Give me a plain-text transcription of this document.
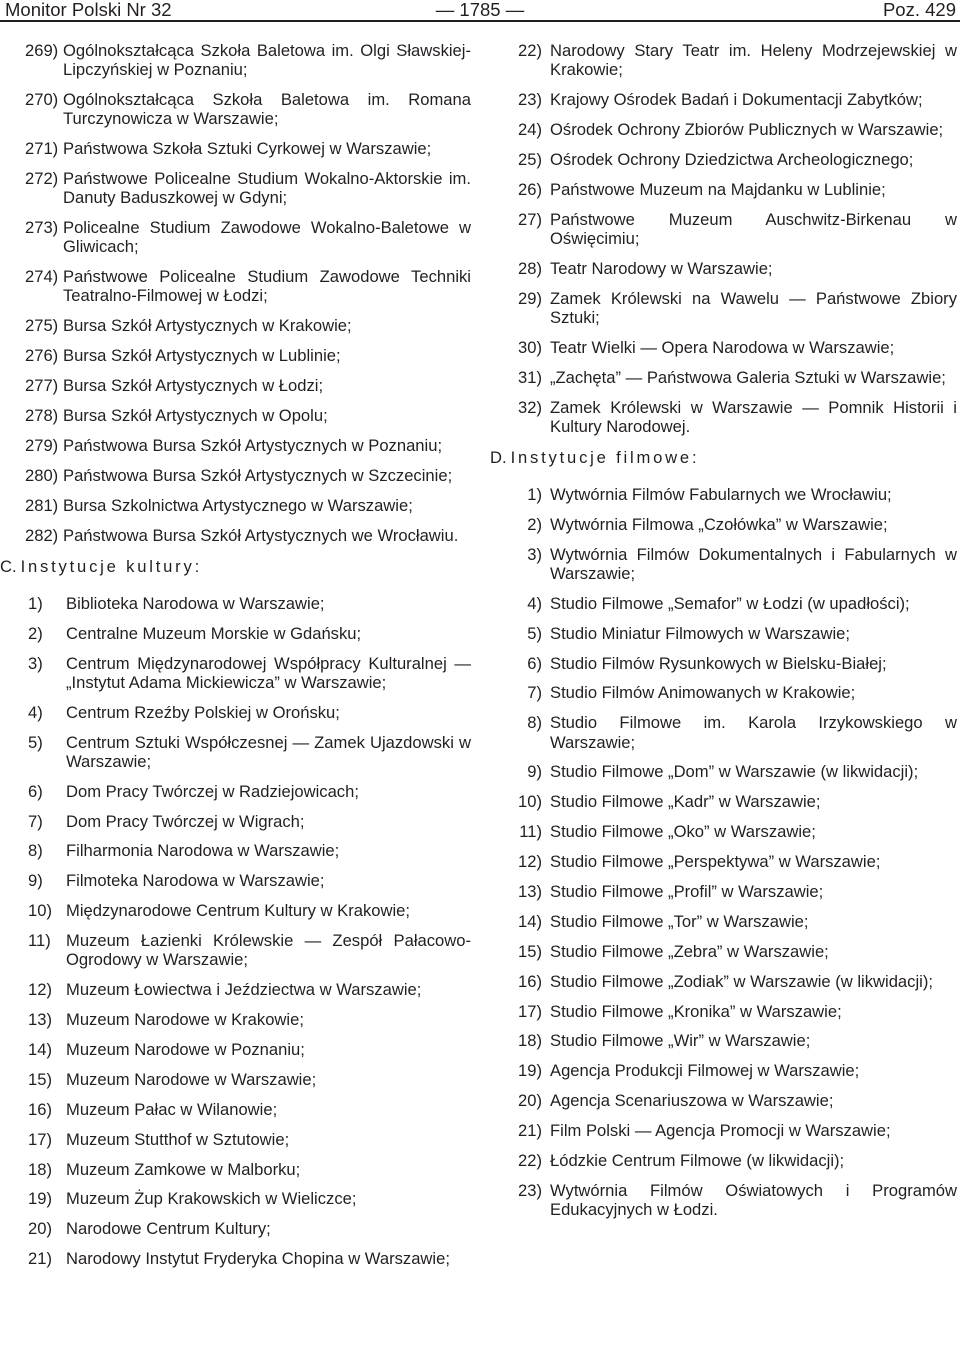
Monitor Polski Nr 32	— 1785 —	Poz. 429
269) Ogólnokształcąca Szkoła Baletowa im. Olgi Sławskiej-Lipczyńskiej w Poznaniu;
270) Ogólnokształcąca Szkoła Baletowa im. Romana Turczynowicza w Warszawie;
271) Państwowa Szkoła Sztuki Cyrkowej w Warszawie;
272) Państwowe Policealne Studium Wokalno-Aktorskie im. Danuty Baduszkowej w Gdyni;
273) Policealne Studium Zawodowe Wokalno-Baletowe w Gliwicach;
274) Państwowe Policealne Studium Zawodowe Techniki Teatralno-Filmowej w Łodzi;
275) Bursa Szkół Artystycznych w Krakowie;
276) Bursa Szkół Artystycznych w Lublinie;
277) Bursa Szkół Artystycznych w Łodzi;
278) Bursa Szkół Artystycznych w Opolu;
279) Państwowa Bursa Szkół Artystycznych w Poznaniu;
280) Państwowa Bursa Szkół Artystycznych w Szczecinie;
281) Bursa Szkolnictwa Artystycznego w Warszawie;
282) Państwowa Bursa Szkół Artystycznych we Wrocławiu.
C. Instytucje kultury:
1) Biblioteka Narodowa w Warszawie;
2) Centralne Muzeum Morskie w Gdańsku;
3) Centrum Międzynarodowej Współpracy Kulturalnej — „Instytut Adama Mickiewicza” w Warszawie;
4) Centrum Rzeźby Polskiej w Orońsku;
5) Centrum Sztuki Współczesnej — Zamek Ujazdowski w Warszawie;
6) Dom Pracy Twórczej w Radziejowicach;
7) Dom Pracy Twórczej w Wigrach;
8) Filharmonia Narodowa w Warszawie;
9) Filmoteka Narodowa w Warszawie;
10) Międzynarodowe Centrum Kultury w Krakowie;
11) Muzeum Łazienki Królewskie — Zespół Pałacowo-Ogrodowy w Warszawie;
12) Muzeum Łowiectwa i Jeździectwa w Warszawie;
13) Muzeum Narodowe w Krakowie;
14) Muzeum Narodowe w Poznaniu;
15) Muzeum Narodowe w Warszawie;
16) Muzeum Pałac w Wilanowie;
17) Muzeum Stutthof w Sztutowie;
18) Muzeum Zamkowe w Malborku;
19) Muzeum Żup Krakowskich w Wieliczce;
20) Narodowe Centrum Kultury;
21) Narodowy Instytut Fryderyka Chopina w Warszawie;
22) Narodowy Stary Teatr im. Heleny Modrzejewskiej w Krakowie;
23) Krajowy Ośrodek Badań i Dokumentacji Zabytków;
24) Ośrodek Ochrony Zbiorów Publicznych w Warszawie;
25) Ośrodek Ochrony Dziedzictwa Archeologicznego;
26) Państwowe Muzeum na Majdanku w Lublinie;
27) Państwowe Muzeum Auschwitz-Birkenau w Oświęcimiu;
28) Teatr Narodowy w Warszawie;
29) Zamek Królewski na Wawelu — Państwowe Zbiory Sztuki;
30) Teatr Wielki — Opera Narodowa w Warszawie;
31) „Zachęta” — Państwowa Galeria Sztuki w Warszawie;
32) Zamek Królewski w Warszawie — Pomnik Historii i Kultury Narodowej.
D. Instytucje filmowe:
1) Wytwórnia Filmów Fabularnych we Wrocławiu;
2) Wytwórnia Filmowa „Czołówka” w Warszawie;
3) Wytwórnia Filmów Dokumentalnych i Fabularnych w Warszawie;
4) Studio Filmowe „Semafor” w Łodzi (w upadłości);
5) Studio Miniatur Filmowych w Warszawie;
6) Studio Filmów Rysunkowych w Bielsku-Białej;
7) Studio Filmów Animowanych w Krakowie;
8) Studio Filmowe im. Karola Irzykowskiego w Warszawie;
9) Studio Filmowe „Dom” w Warszawie (w likwidacji);
10) Studio Filmowe „Kadr” w Warszawie;
11) Studio Filmowe „Oko” w Warszawie;
12) Studio Filmowe „Perspektywa” w Warszawie;
13) Studio Filmowe „Profil” w Warszawie;
14) Studio Filmowe „Tor” w Warszawie;
15) Studio Filmowe „Zebra” w Warszawie;
16) Studio Filmowe „Zodiak” w Warszawie (w likwidacji);
17) Studio Filmowe „Kronika” w Warszawie;
18) Studio Filmowe „Wir” w Warszawie;
19) Agencja Produkcji Filmowej w Warszawie;
20) Agencja Scenariuszowa w Warszawie;
21) Film Polski — Agencja Promocji w Warszawie;
22) Łódzkie Centrum Filmowe (w likwidacji);
23) Wytwórnia Filmów Oświatowych i Programów Edukacyjnych w Łodzi.
